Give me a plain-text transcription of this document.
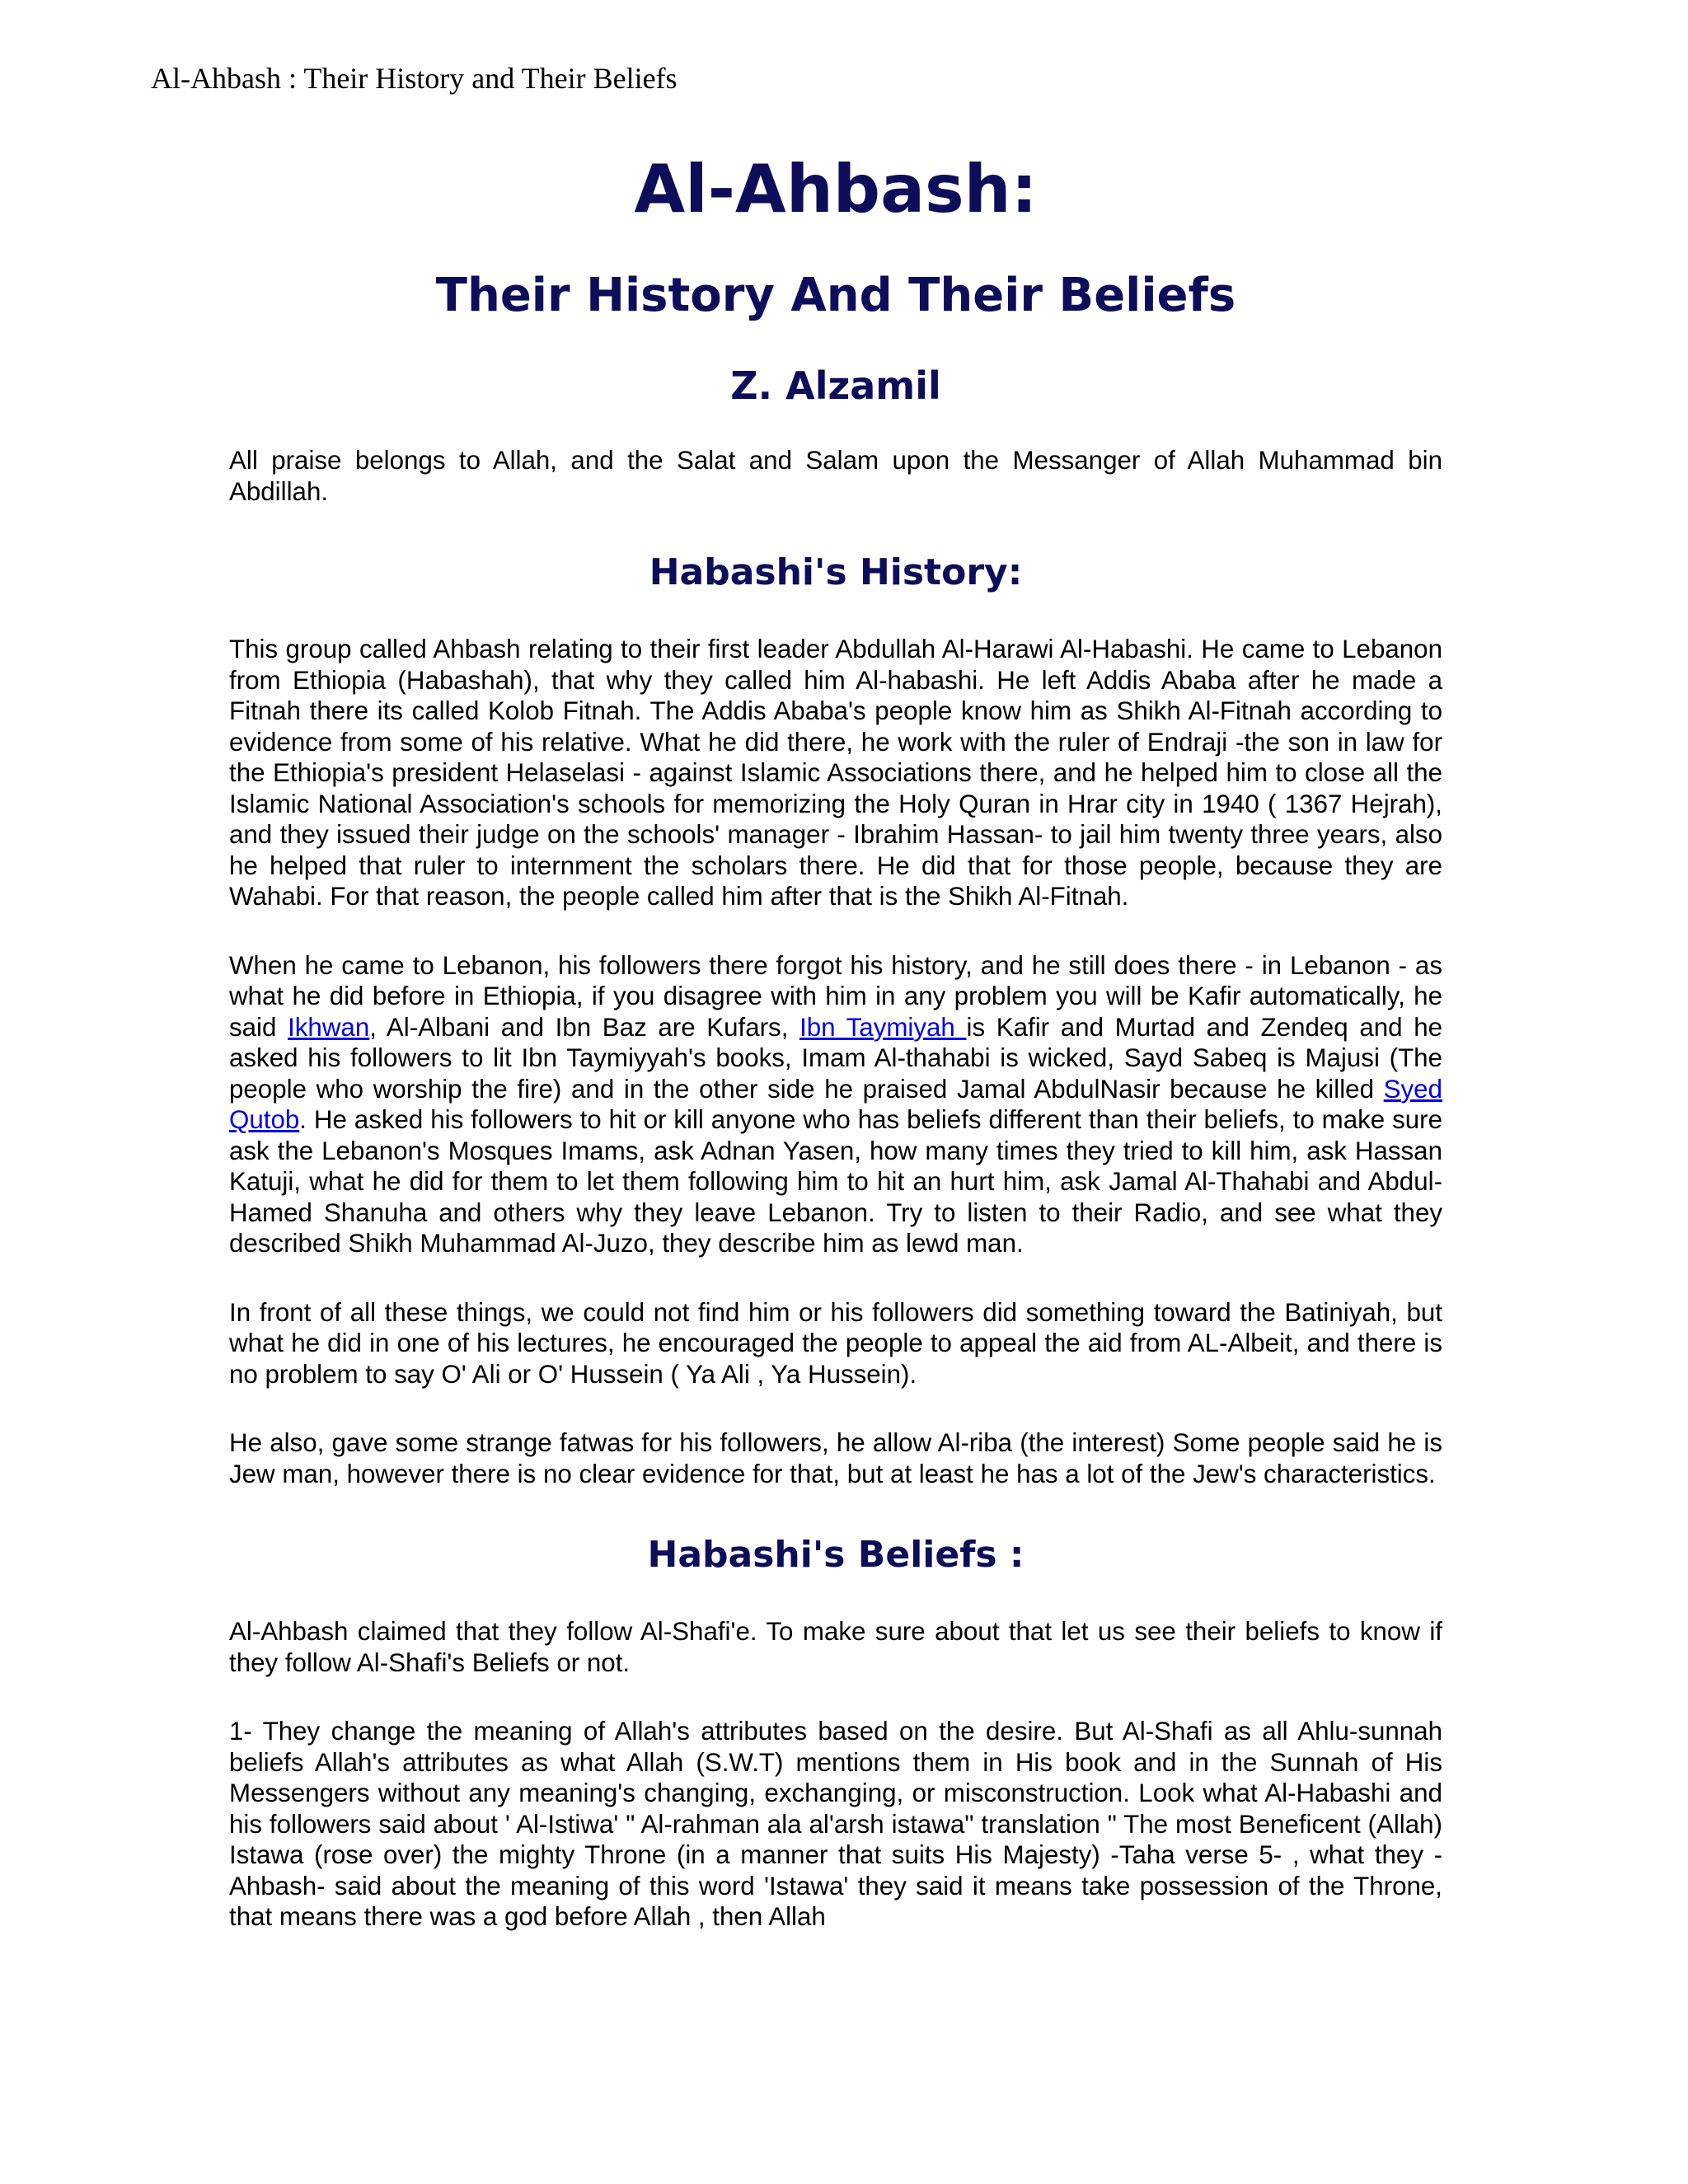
Al‑Ahbash : Their History and Their Beliefs
Al-Ahbash:
Their History And Their Beliefs
Z. Alzamil

All praise belongs to Allah, and the Salat and Salam upon the Messanger of Allah Muhammad bin Abdillah.

Habashi's History:

This group called Ahbash relating to their first leader Abdullah Al-Harawi Al-Habashi. He came to Lebanon from Ethiopia (Habashah), that why they called him Al-habashi. He left Addis Ababa after he made a Fitnah there its called Kolob Fitnah. The Addis Ababa's people know him as Shikh Al-Fitnah according to evidence from some of his relative. What he did there, he work with the ruler of Endraji -the son in law for the Ethiopia's president Helaselasi - against Islamic Associations there, and he helped him to close all the Islamic National Association's schools for memorizing the Holy Quran in Hrar city in 1940 ( 1367 Hejrah), and they issued their judge on the schools' manager - Ibrahim Hassan- to jail him twenty three years, also he helped that ruler to internment the scholars there. He did that for those people, because they are Wahabi. For that reason, the people called him after that is the Shikh Al-Fitnah.

When he came to Lebanon, his followers there forgot his history, and he still does there - in Lebanon - as what he did before in Ethiopia, if you disagree with him in any problem you will be Kafir automatically, he said Ikhwan, Al-Albani and Ibn Baz are Kufars, Ibn Taymiyah is Kafir and Murtad and Zendeq and he asked his followers to lit Ibn Taymiyyah's books, Imam Al-thahabi is wicked, Sayd Sabeq is Majusi (The people who worship the fire) and in the other side he praised Jamal AbdulNasir because he killed Syed Qutob. He asked his followers to hit or kill anyone who has beliefs different than their beliefs, to make sure ask the Lebanon's Mosques Imams, ask Adnan Yasen, how many times they tried to kill him, ask Hassan Katuji, what he did for them to let them following him to hit an hurt him, ask Jamal Al-Thahabi and Abdul-Hamed Shanuha and others why they leave Lebanon. Try to listen to their Radio, and see what they described Shikh Muhammad Al-Juzo, they describe him as lewd man.

In front of all these things, we could not find him or his followers did something toward the Batiniyah, but what he did in one of his lectures, he encouraged the people to appeal the aid from AL-Albeit, and there is no problem to say O' Ali or O' Hussein ( Ya Ali , Ya Hussein).

He also, gave some strange fatwas for his followers, he allow Al-riba (the interest) Some people said he is Jew man, however there is no clear evidence for that, but at least he has a lot of the Jew's characteristics.

Habashi's Beliefs :

Al-Ahbash claimed that they follow Al-Shafi'e. To make sure about that let us see their beliefs to know if they follow Al-Shafi's Beliefs or not.

1- They change the meaning of Allah's attributes based on the desire. But Al-Shafi as all Ahlu-sunnah beliefs Allah's attributes as what Allah (S.W.T) mentions them in His book and in the Sunnah of His Messengers without any meaning's changing, exchanging, or misconstruction. Look what Al-Habashi and his followers said about ' Al-Istiwa' " Al-rahman ala al'arsh istawa" translation " The most Beneficent (Allah) Istawa (rose over) the mighty Throne (in a manner that suits His Majesty) -Taha verse 5- , what they - Ahbash- said about the meaning of this word 'Istawa' they said it means take possession of the Throne, that means there was a god before Allah , then Allah
